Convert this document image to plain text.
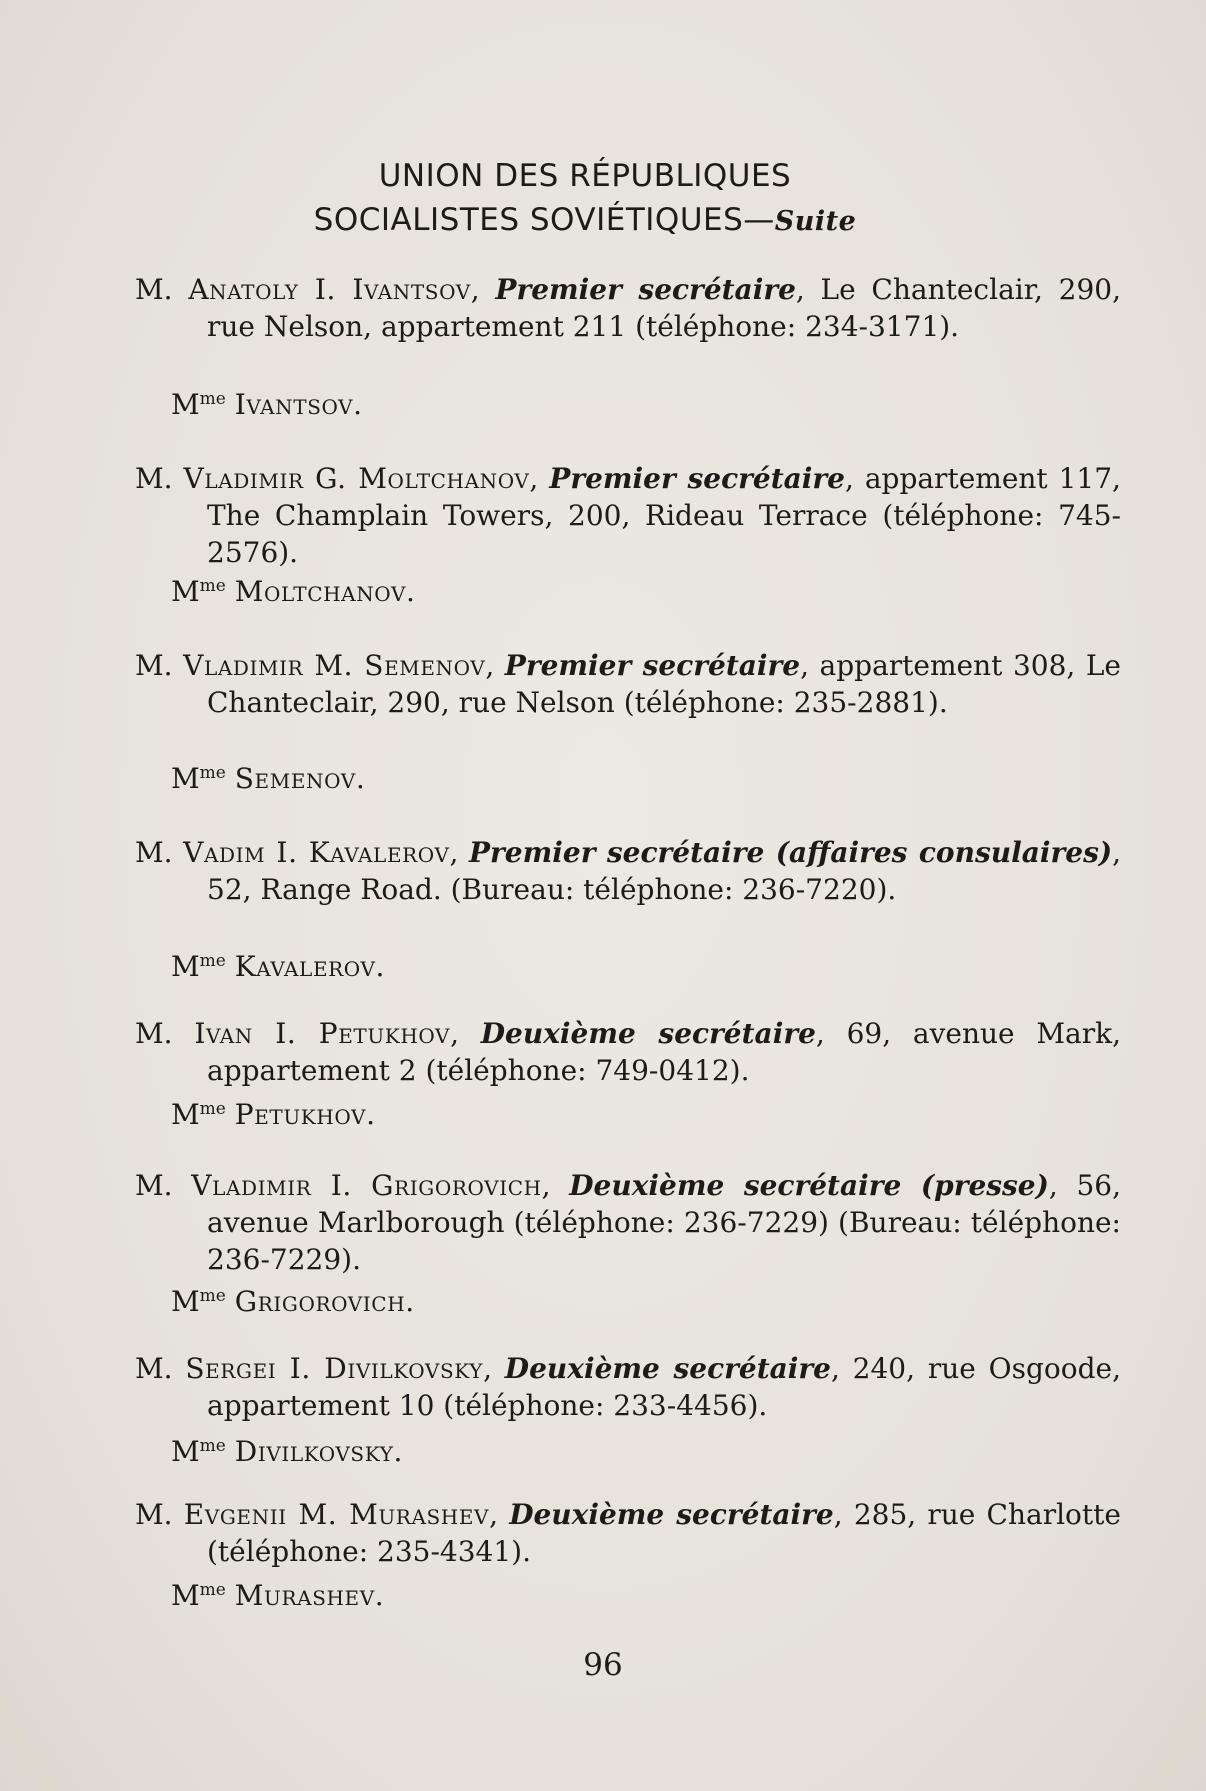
UNION DES RÉPUBLIQUES
SOCIALISTES SOVIÉTIQUES—Suite
M. Anatoly I. Ivantsov, Premier secrétaire, Le Chanteclair, 290, rue Nelson, appartement 211 (téléphone: 234-3171).
$M^{me}$ Ivantsov.
M. Vladimir G. Moltchanov, Premier secrétaire, appartement 117, The Champlain Towers, 200, Rideau Terrace (téléphone: 745-2576).
$M^{me}$ Moltchanov.
M. Vladimir M. Semenov, Premier secrétaire, appartement 308, Le Chanteclair, 290, rue Nelson (téléphone: 235-2881).
$M^{me}$ Semenov.
M. Vadim I. Kavalerov, Premier secrétaire (affaires consulaires), 52, Range Road. (Bureau: téléphone: 236-7220).
$M^{me}$ Kavalerov.
M. Ivan I. Petukhov, Deuxième secrétaire, 69, avenue Mark, appartement 2 (téléphone: 749-0412).
$M^{me}$ Petukhov.
M. Vladimir I. Grigorovich, Deuxième secrétaire (presse), 56, avenue Marlborough (téléphone: 236-7229) (Bureau: téléphone: 236-7229).
$M^{me}$ Grigorovich.
M. Sergei I. Divilkovsky, Deuxième secrétaire, 240, rue Osgoode, appartement 10 (téléphone: 233-4456).
$M^{me}$ Divilkovsky.
M. Evgenii M. Murashev, Deuxième secrétaire, 285, rue Charlotte (téléphone: 235-4341).
$M^{me}$ Murashev.
96
